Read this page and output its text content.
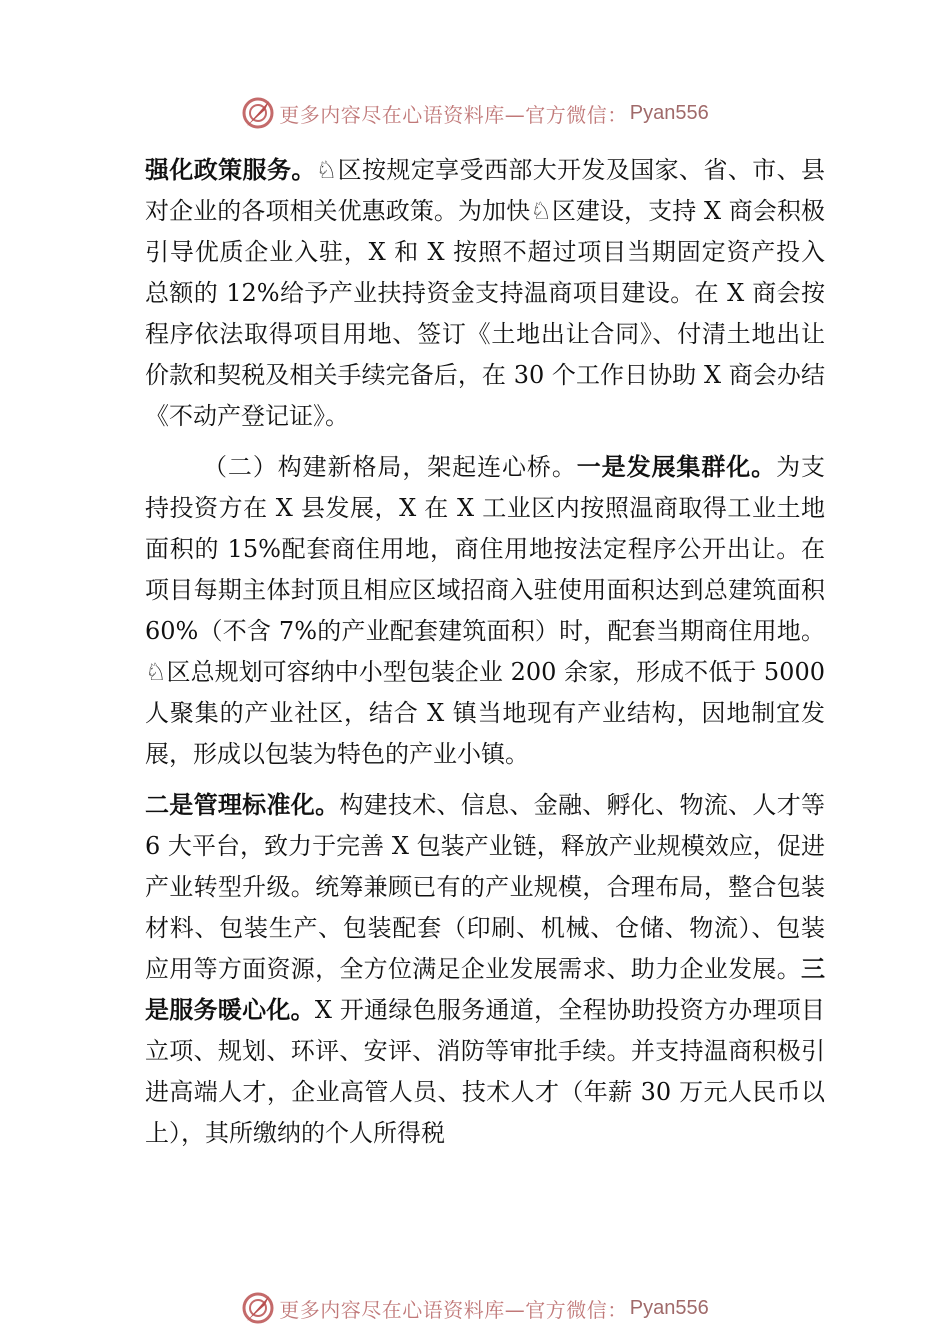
更多内容尽在心语资料库—官方微信： Pyan556

强化政策服务。♘区按规定享受西部大开发及国家、省、市、县对企业的各项相关优惠政策。为加快♘区建设，支持 X 商会积极引导优质企业入驻，X 和 X 按照不超过项目当期固定资产投入总额的 12%给予产业扶持资金支持温商项目建设。在 X 商会按程序依法取得项目用地、签订《土地出让合同》、付清土地出让价款和契税及相关手续完备后，在 30 个工作日协助 X 商会办结《不动产登记证》。

（二）构建新格局，架起连心桥。一是发展集群化。为支持投资方在 X 县发展，X 在 X 工业区内按照温商取得工业土地面积的 15%配套商住用地，商住用地按法定程序公开出让。在项目每期主体封顶且相应区域招商入驻使用面积达到总建筑面积 60%（不含 7%的产业配套建筑面积）时，配套当期商住用地。♘区总规划可容纳中小型包装企业 200 余家，形成不低于 5000 人聚集的产业社区，结合 X 镇当地现有产业结构，因地制宜发展，形成以包装为特色的产业小镇。

二是管理标准化。构建技术、信息、金融、孵化、物流、人才等 6 大平台，致力于完善 X 包装产业链，释放产业规模效应，促进产业转型升级。统筹兼顾已有的产业规模，合理布局，整合包装材料、包装生产、包装配套（印刷、机械、仓储、物流）、包装应用等方面资源，全方位满足企业发展需求、助力企业发展。三是服务暖心化。X 开通绿色服务通道，全程协助投资方办理项目立项、规划、环评、安评、消防等审批手续。并支持温商积极引进高端人才，企业高管人员、技术人才（年薪 30 万元人民币以上），其所缴纳的个人所得税

更多内容尽在心语资料库—官方微信： Pyan556
